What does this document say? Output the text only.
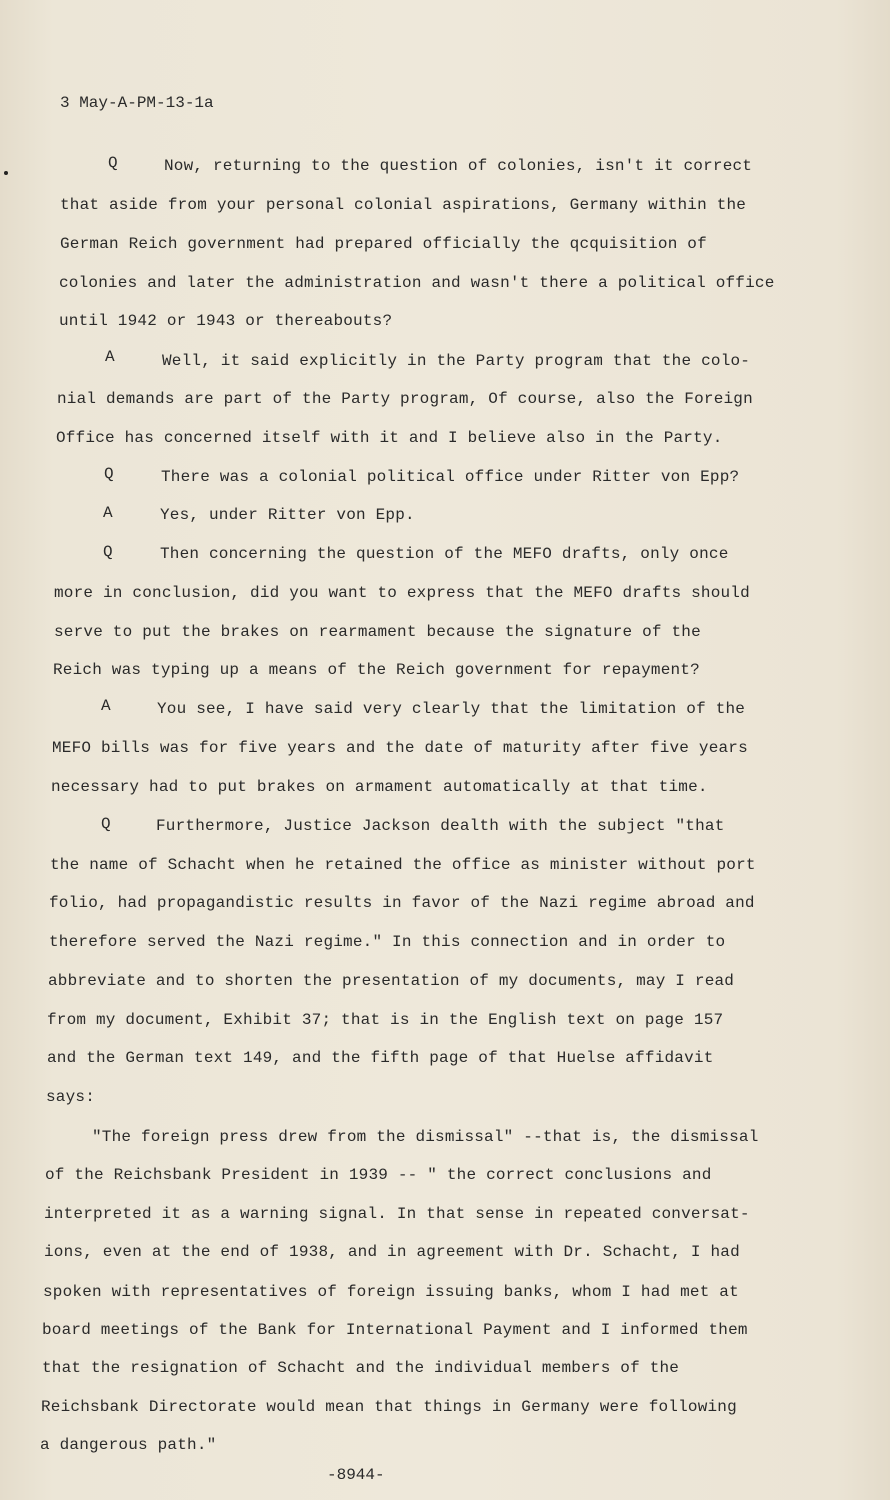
3 May-A-PM-13-1a
Q	Now, returning to the question of colonies, isn't it correct
that aside from your personal colonial aspirations, Germany within the
German Reich government had prepared officially the qcquisition of
colonies and later the administration and wasn't there a political office
until 1942 or 1943 or thereabouts?
A	Well, it said explicitly in the Party program that the colo-
nial demands are part of the Party program, Of course, also the Foreign
Office has concerned itself with it and I believe also in the Party.
Q	There was a colonial political office under Ritter von Epp?
A	Yes, under Ritter von Epp.
Q	Then concerning the question of the MEFO drafts, only once
more in conclusion, did you want to express that the MEFO drafts should
serve to put the brakes on rearmament because the signature of the
Reich was typing up a means of the Reich government for repayment?
A	You see, I have said very clearly that the limitation of the
MEFO bills was for five years and the date of maturity after five years
necessary had to put brakes on armament automatically at that time.
Q	Furthermore, Justice Jackson dealth with the subject "that
the name of Schacht when he retained the office as minister without port
folio, had propagandistic results in favor of the Nazi regime abroad and
therefore served the Nazi regime." In this connection and in order to
abbreviate and to shorten the presentation of my documents, may I read
from my document, Exhibit 37; that is in the English text on page 157
and the German text 149, and the fifth page of that Huelse affidavit
says:
"The foreign press drew from the dismissal" --that is, the dismissal
of the Reichsbank President in 1939 -- " the correct conclusions and
interpreted it as a warning signal. In that sense in repeated conversat-
ions, even at the end of 1938, and in agreement with Dr. Schacht, I had
spoken with representatives of foreign issuing banks, whom I had met at
board meetings of the Bank for International Payment and I informed them
that the resignation of Schacht and the individual members of the
Reichsbank Directorate would mean that things in Germany were following
a dangerous path."
-8944-
